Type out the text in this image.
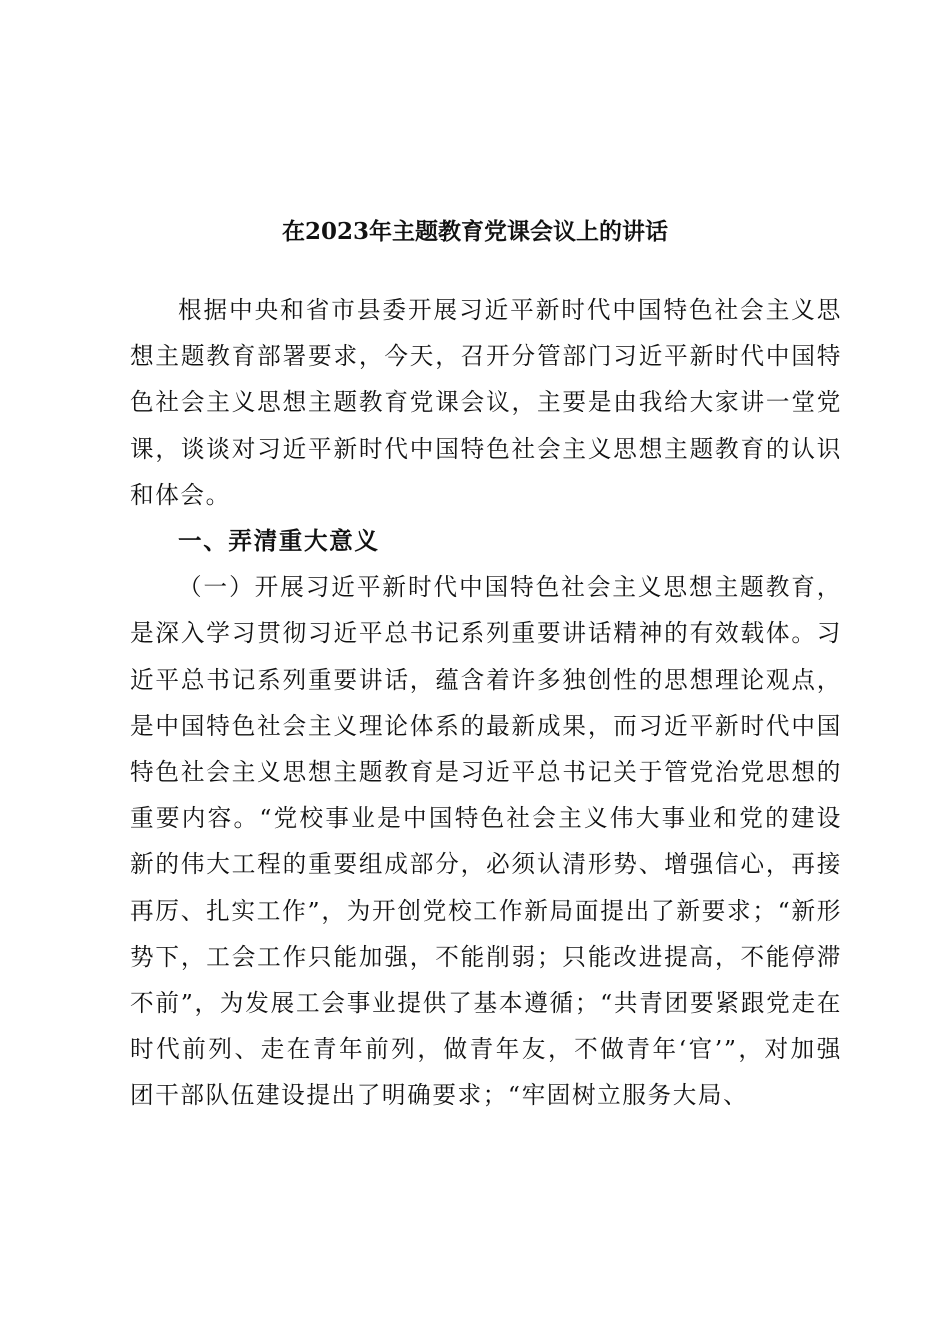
在2023年主题教育党课会议上的讲话

根据中央和省市县委开展习近平新时代中国特色社会主义思想主题教育部署要求，今天，召开分管部门习近平新时代中国特色社会主义思想主题教育党课会议，主要是由我给大家讲一堂党课，谈谈对习近平新时代中国特色社会主义思想主题教育的认识和体会。

一、弄清重大意义

（一）开展习近平新时代中国特色社会主义思想主题教育，是深入学习贯彻习近平总书记系列重要讲话精神的有效载体。习近平总书记系列重要讲话，蕴含着许多独创性的思想理论观点，是中国特色社会主义理论体系的最新成果，而习近平新时代中国特色社会主义思想主题教育是习近平总书记关于管党治党思想的重要内容。“党校事业是中国特色社会主义伟大事业和党的建设新的伟大工程的重要组成部分，必须认清形势、增强信心，再接再厉、扎实工作”，为开创党校工作新局面提出了新要求；“新形势下，工会工作只能加强，不能削弱；只能改进提高，不能停滞不前”，为发展工会事业提供了基本遵循；“共青团要紧跟党走在时代前列、走在青年前列，做青年友，不做青年‘官’”，对加强团干部队伍建设提出了明确要求；“牢固树立服务大局、
